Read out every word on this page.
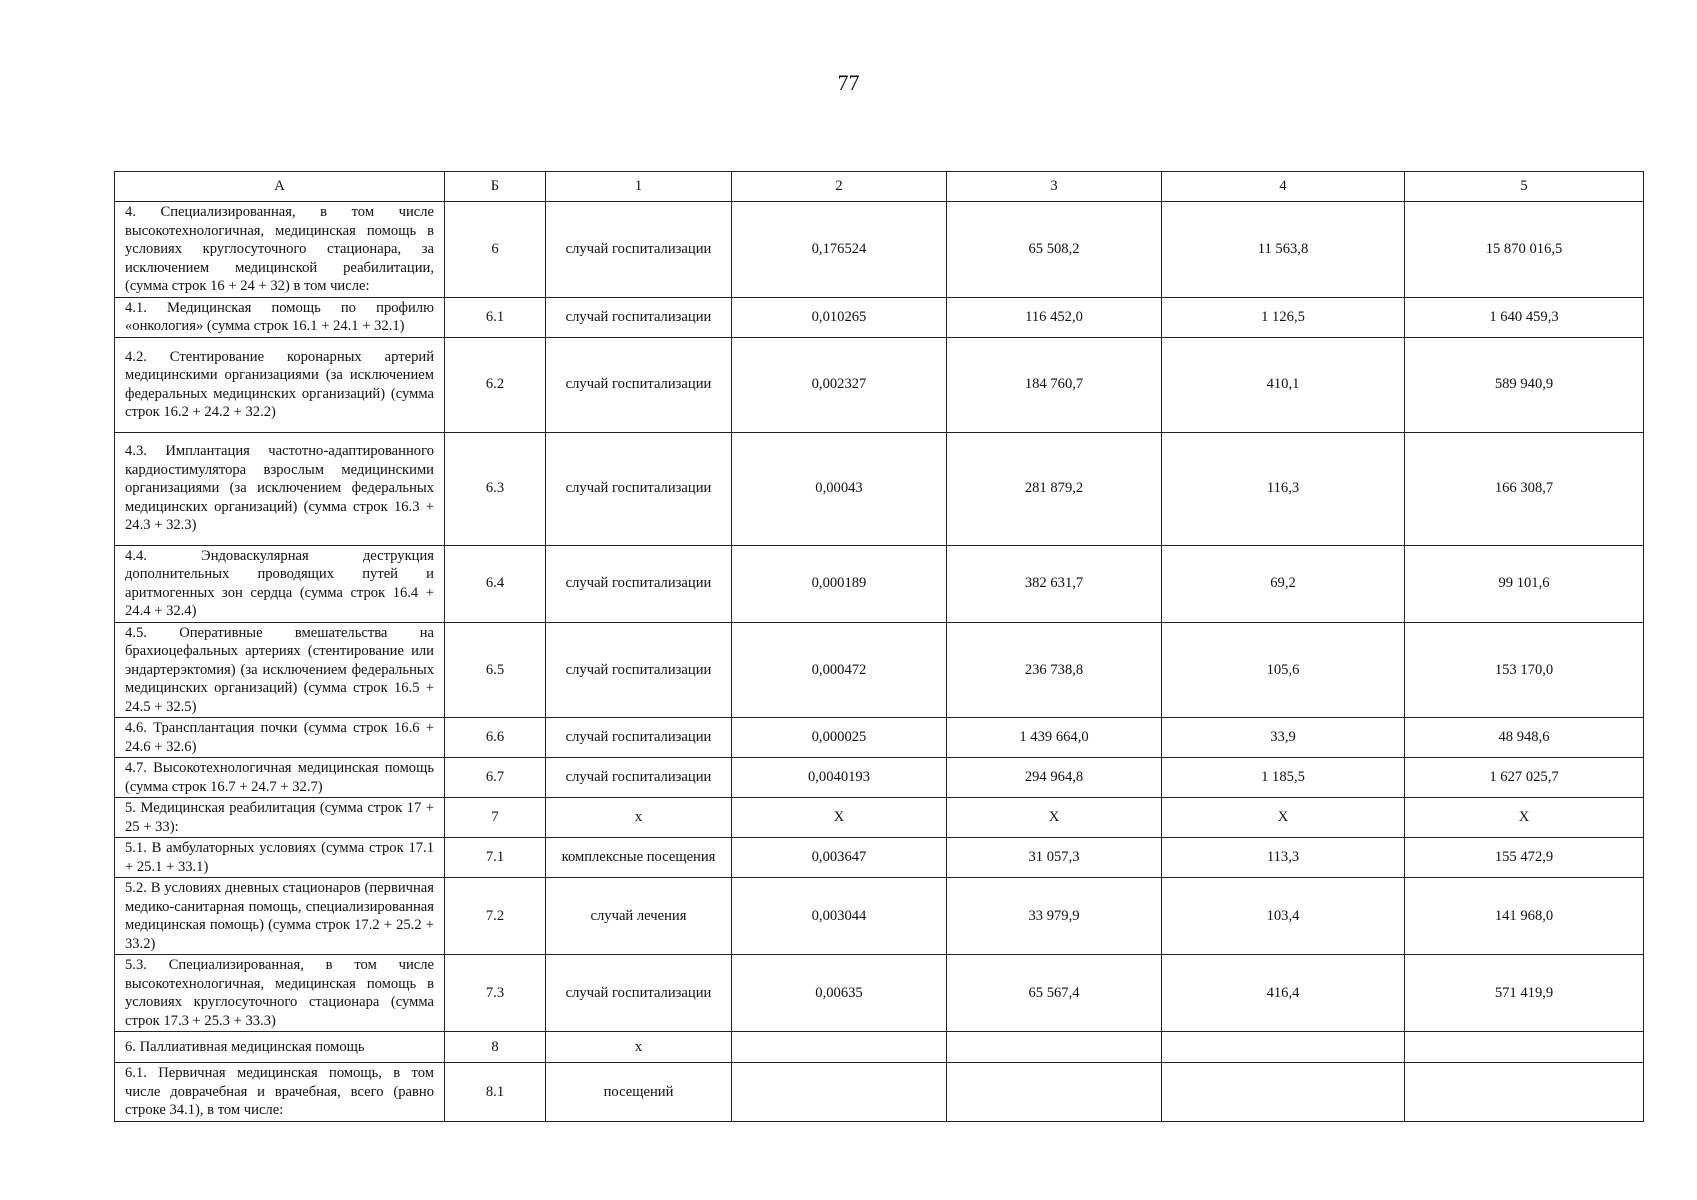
77
А	Б	1	2	3	4	5
4. Специализированная, в том числе высокотехнологичная, медицинская помощь в условиях круглосуточного стационара, за исключением медицинской реабилитации, (сумма строк 16 + 24 + 32) в том числе:	6	случай госпитализации	0,176524	65 508,2	11 563,8	15 870 016,5
4.1. Медицинская помощь по профилю «онкология» (сумма строк 16.1 + 24.1 + 32.1)	6.1	случай госпитализации	0,010265	116 452,0	1 126,5	1 640 459,3
4.2. Стентирование коронарных артерий медицинскими организациями (за исключением федеральных медицинских организаций) (сумма строк 16.2 + 24.2 + 32.2)	6.2	случай госпитализации	0,002327	184 760,7	410,1	589 940,9
4.3. Имплантация частотно-адаптированного кардиостимулятора взрослым медицинскими организациями (за исключением федеральных медицинских организаций) (сумма строк 16.3 + 24.3 + 32.3)	6.3	случай госпитализации	0,00043	281 879,2	116,3	166 308,7
4.4. Эндоваскулярная деструкция дополнительных проводящих путей и аритмогенных зон сердца (сумма строк 16.4 + 24.4 + 32.4)	6.4	случай госпитализации	0,000189	382 631,7	69,2	99 101,6
4.5. Оперативные вмешательства на брахиоцефальных артериях (стентирование или эндартерэктомия) (за исключением федеральных медицинских организаций) (сумма строк 16.5 + 24.5 + 32.5)	6.5	случай госпитализации	0,000472	236 738,8	105,6	153 170,0
4.6. Трансплантация почки (сумма строк 16.6 + 24.6 + 32.6)	6.6	случай госпитализации	0,000025	1 439 664,0	33,9	48 948,6
4.7. Высокотехнологичная медицинская помощь (сумма строк 16.7 + 24.7 + 32.7)	6.7	случай госпитализации	0,0040193	294 964,8	1 185,5	1 627 025,7
5. Медицинская реабилитация (сумма строк 17 + 25 + 33):	7	х	Х	Х	Х	Х
5.1. В амбулаторных условиях (сумма строк 17.1 + 25.1 + 33.1)	7.1	комплексные посещения	0,003647	31 057,3	113,3	155 472,9
5.2. В условиях дневных стационаров (первичная медико-санитарная помощь, специализированная медицинская помощь) (сумма строк 17.2 + 25.2 + 33.2)	7.2	случай лечения	0,003044	33 979,9	103,4	141 968,0
5.3. Специализированная, в том числе высокотехнологичная, медицинская помощь в условиях круглосуточного стационара (сумма строк 17.3 + 25.3 + 33.3)	7.3	случай госпитализации	0,00635	65 567,4	416,4	571 419,9
6. Паллиативная медицинская помощь	8	х				
6.1. Первичная медицинская помощь, в том числе доврачебная и врачебная, всего (равно строке 34.1), в том числе:	8.1	посещений				
